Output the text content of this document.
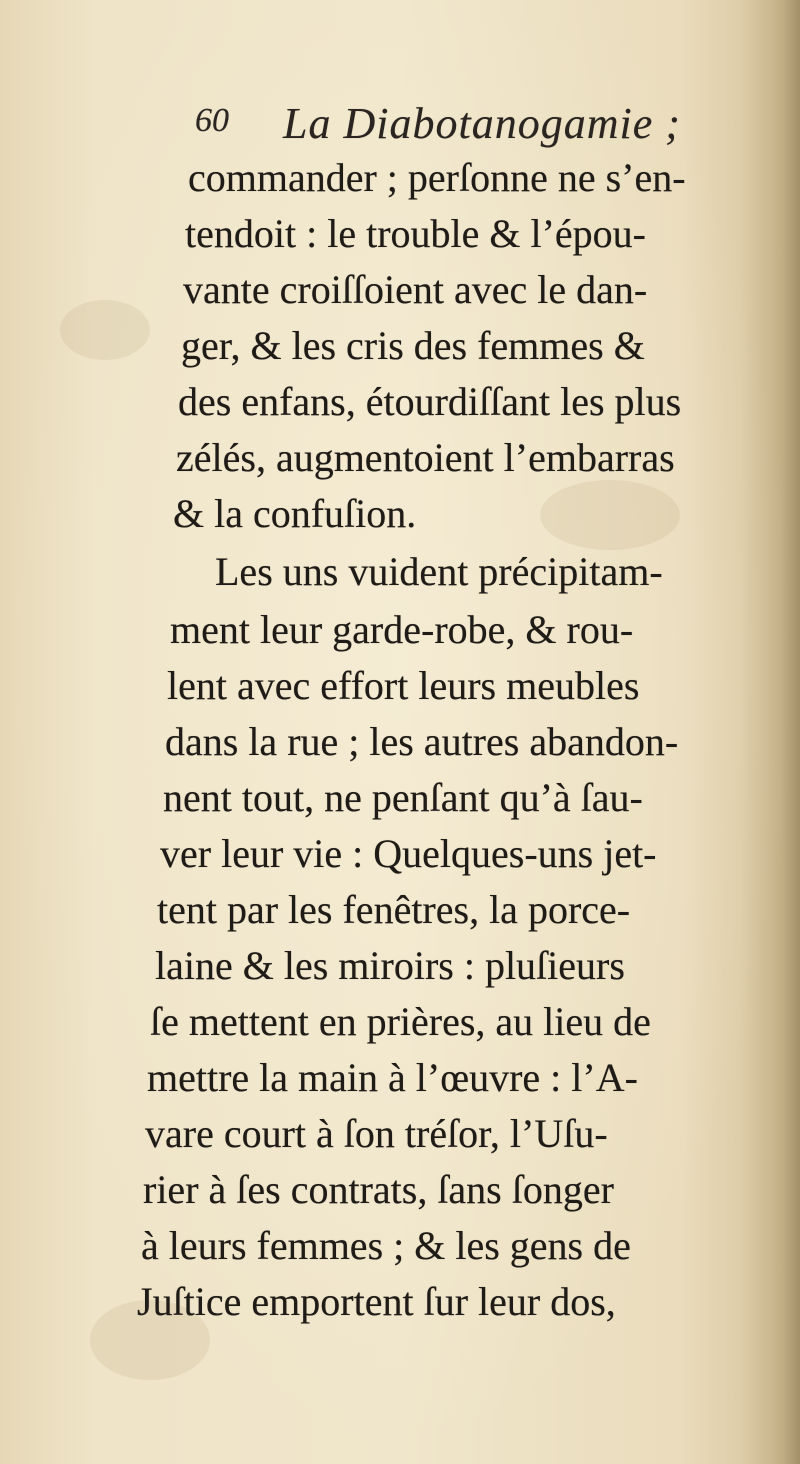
60 La Diabotanogamie ;
commander ; perſonne ne s’en-
tendoit : le trouble & l’épou-
vante croiſſoient avec le dan-
ger, & les cris des femmes &
des enfans, étourdiſſant les plus
zélés, augmentoient l’embarras
& la confuſion.
Les uns vuident précipitam-
ment leur garde-robe, & rou-
lent avec effort leurs meubles
dans la rue ; les autres abandon-
nent tout, ne penſant qu’à ſau-
ver leur vie : Quelques-uns jet-
tent par les fenêtres, la porce-
laine & les miroirs : pluſieurs
ſe mettent en prières, au lieu de
mettre la main à l’œuvre : l’A-
vare court à ſon tréſor, l’Uſu-
rier à ſes contrats, ſans ſonger
à leurs femmes ; & les gens de
Juſtice emportent ſur leur dos,
